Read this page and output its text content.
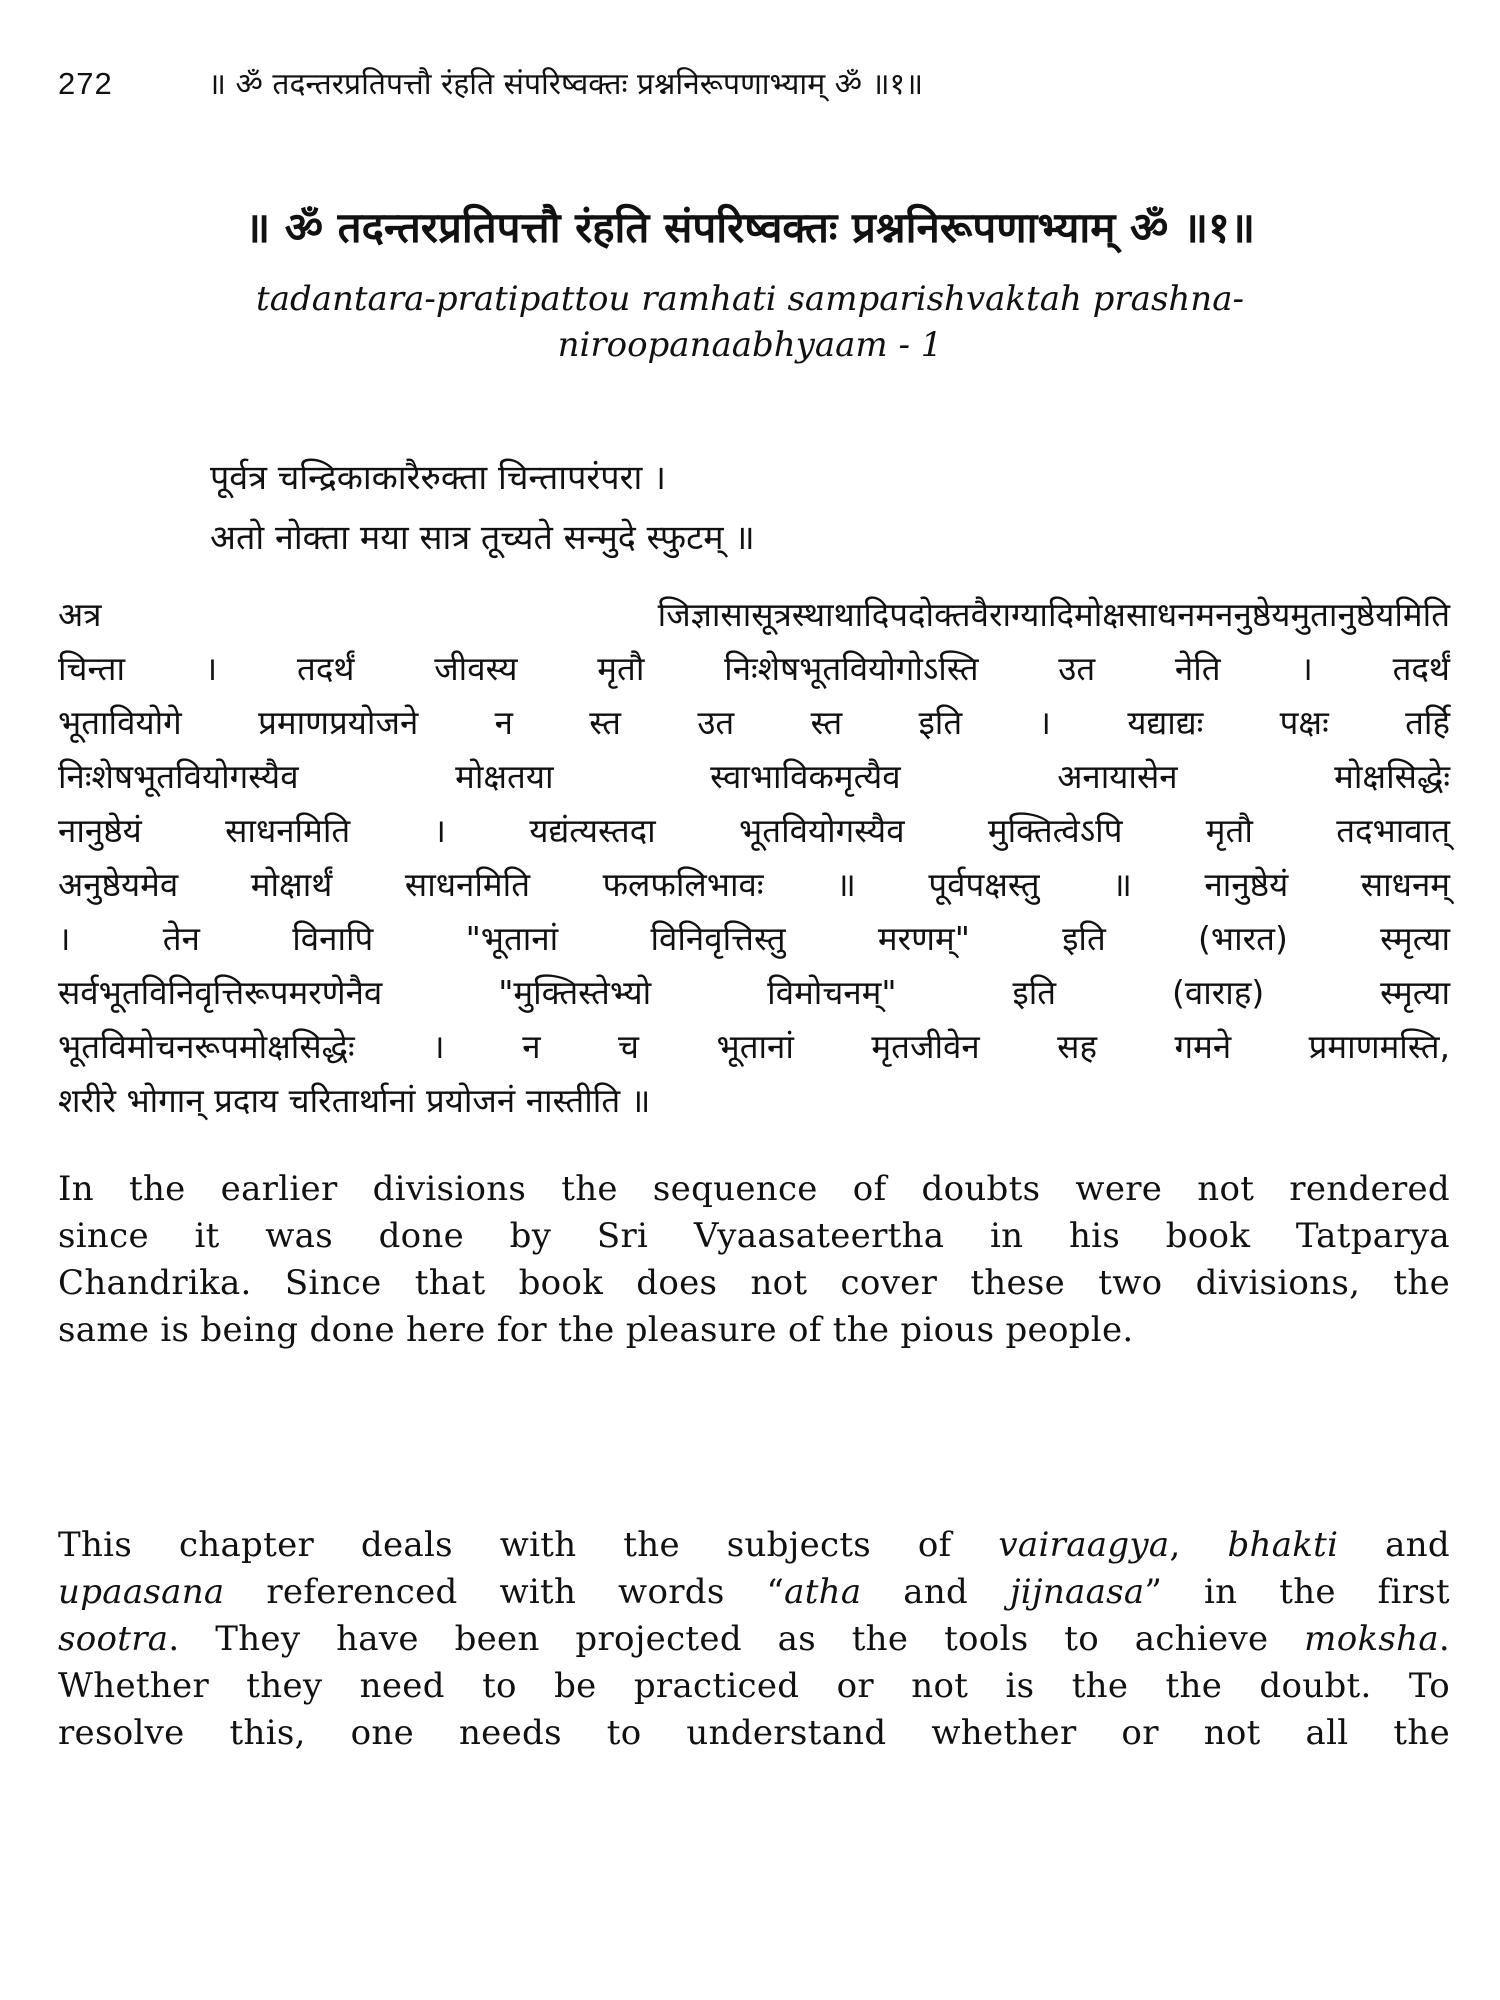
272	॥ ॐ तदन्तरप्रतिपत्तौ रंहति संपरिष्वक्तः प्रश्ननिरूपणाभ्याम् ॐ ॥१॥
॥ ॐ तदन्तरप्रतिपत्तौ रंहति संपरिष्वक्तः प्रश्ननिरूपणाभ्याम् ॐ ॥१॥
tadantara-pratipattou ramhati samparishvaktah prashna-
niroopanaabhyaam - 1
पूर्वत्र चन्द्रिकाकारैरुक्ता चिन्तापरंपरा ।
अतो नोक्ता मया सात्र तूच्यते सन्मुदे स्फुटम् ॥
अत्र जिज्ञासासूत्रस्थाथादिपदोक्तवैराग्यादिमोक्षसाधनमननुष्ठेयमुतानुष्ठेयमिति
चिन्ता । तदर्थं जीवस्य मृतौ निःशेषभूतवियोगोऽस्ति उत नेति । तदर्थं
भूतावियोगे प्रमाणप्रयोजने न स्त उत स्त इति । यद्याद्यः पक्षः तर्हि
निःशेषभूतवियोगस्यैव मोक्षतया स्वाभाविकमृत्यैव अनायासेन मोक्षसिद्धेः
नानुष्ठेयं साधनमिति । यद्यंत्यस्तदा भूतवियोगस्यैव मुक्तित्वेऽपि मृतौ तदभावात्
अनुष्ठेयमेव मोक्षार्थं साधनमिति फलफलिभावः ॥ पूर्वपक्षस्तु ॥ नानुष्ठेयं साधनम्
। तेन विनापि "भूतानां विनिवृत्तिस्तु मरणम्" इति (भारत) स्मृत्या
सर्वभूतविनिवृत्तिरूपमरणेनैव "मुक्तिस्तेभ्यो विमोचनम्" इति (वाराह) स्मृत्या
भूतविमोचनरूपमोक्षसिद्धेः । न च भूतानां मृतजीवेन सह गमने प्रमाणमस्ति,
शरीरे भोगान् प्रदाय चरितार्थानां प्रयोजनं नास्तीति ॥
In the earlier divisions the sequence of doubts were not rendered
since it was done by Sri Vyaasateertha in his book Tatparya
Chandrika. Since that book does not cover these two divisions, the
same is being done here for the pleasure of the pious people.
This chapter deals with the subjects of vairaagya, bhakti and
upaasana referenced with words “atha and jijnaasa” in the first
sootra. They have been projected as the tools to achieve moksha.
Whether they need to be practiced or not is the the doubt. To
resolve this, one needs to understand whether or not all the
